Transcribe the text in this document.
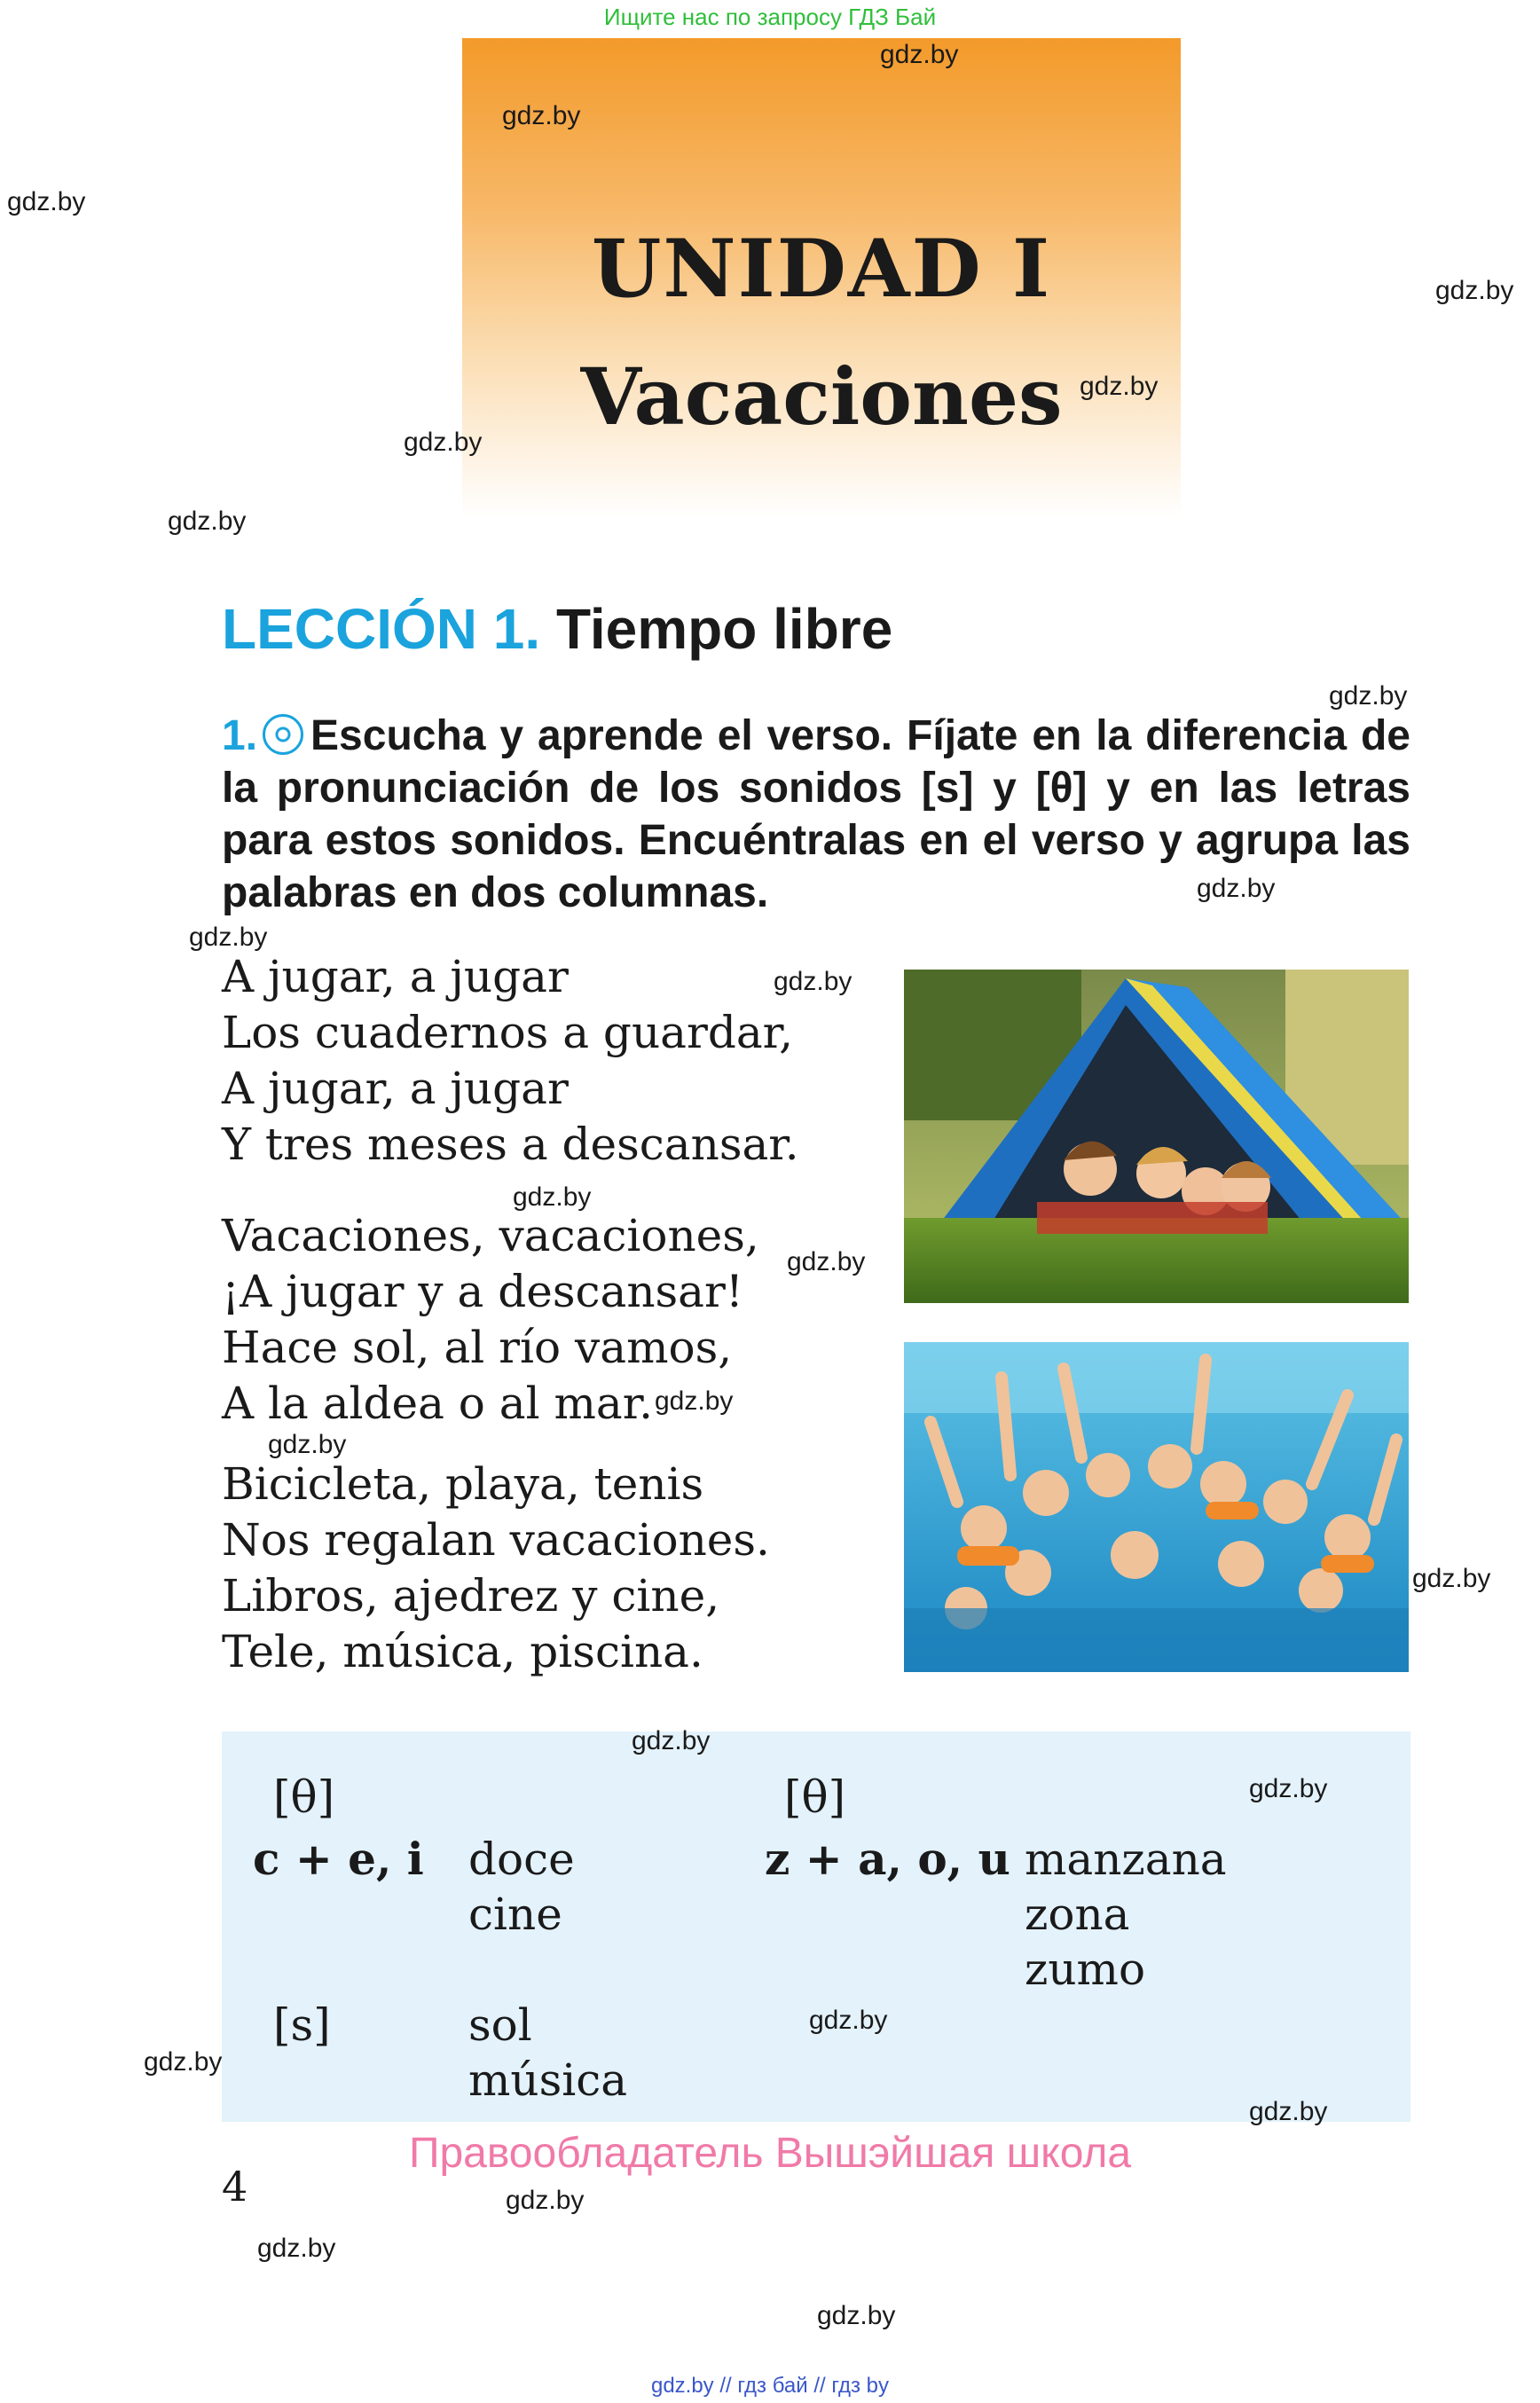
Ищите нас по запросу ГДЗ Бай
UNIDAD I
Vacaciones
LECCIÓN 1. Tiempo libre
1. Escucha y aprende el verso. Fíjate en la diferencia de la pronunciación de los sonidos [s] y [θ] y en las letras para estos sonidos. Encuéntralas en el verso y agrupa las palabras en dos columnas.
A jugar, a jugar
Los cuadernos a guardar,
A jugar, a jugar
Y tres meses a descansar.
Vacaciones, vacaciones,
¡A jugar y a descansar!
Hace sol, al río vamos,
A la aldea o al mar.
Bicicleta, playa, tenis
Nos regalan vacaciones.
Libros, ajedrez y cine,
Tele, música, piscina.
[θ]
c + e, i doce
cine
[θ]
z + a, o, u manzana
zona
zumo
[s]	sol
música
Правообладатель Вышэйшая школа
4
gdz.by // гдз бай // гдз by
gdz.by
gdz.by
gdz.by
gdz.by
gdz.by
gdz.by
gdz.by
gdz.by
gdz.by
gdz.by
gdz.by
gdz.by
gdz.by
gdz.by
gdz.by
gdz.by
gdz.by
gdz.by
gdz.by
gdz.by
gdz.by
gdz.by
gdz.by
gdz.by
